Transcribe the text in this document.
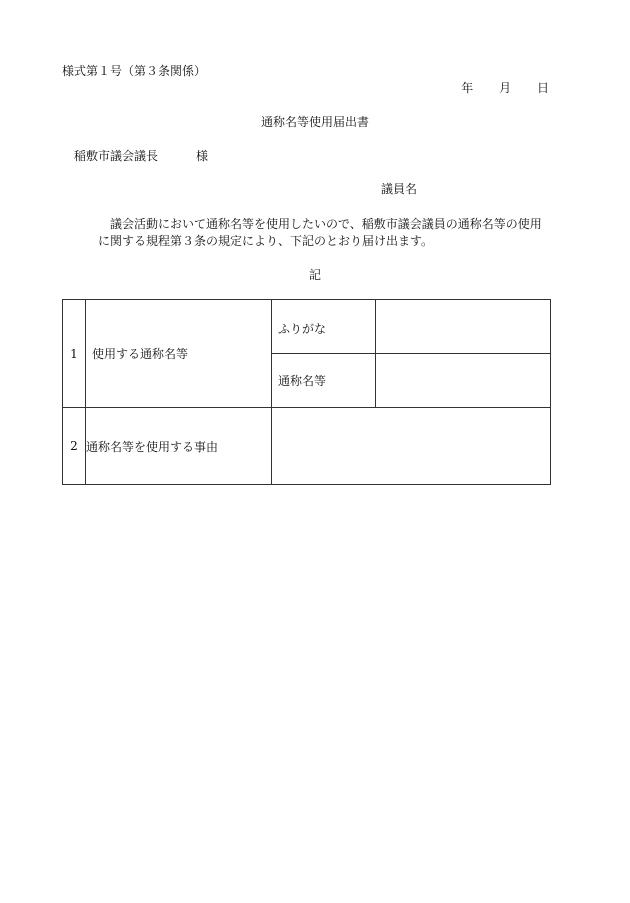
様式第１号（第３条関係）
年 月 日
通称名等使用届出書
稲敷市議会議長	様
議員名

議会活動において通称名等を使用したいので、稲敷市議会議員の通称名等の使用

に関する規程第３条の規定により、下記のとおり届け出ます。

記
1	使用する通称名等	ふりがな	
		通称名等	
2	通称名等を使用する事由		
